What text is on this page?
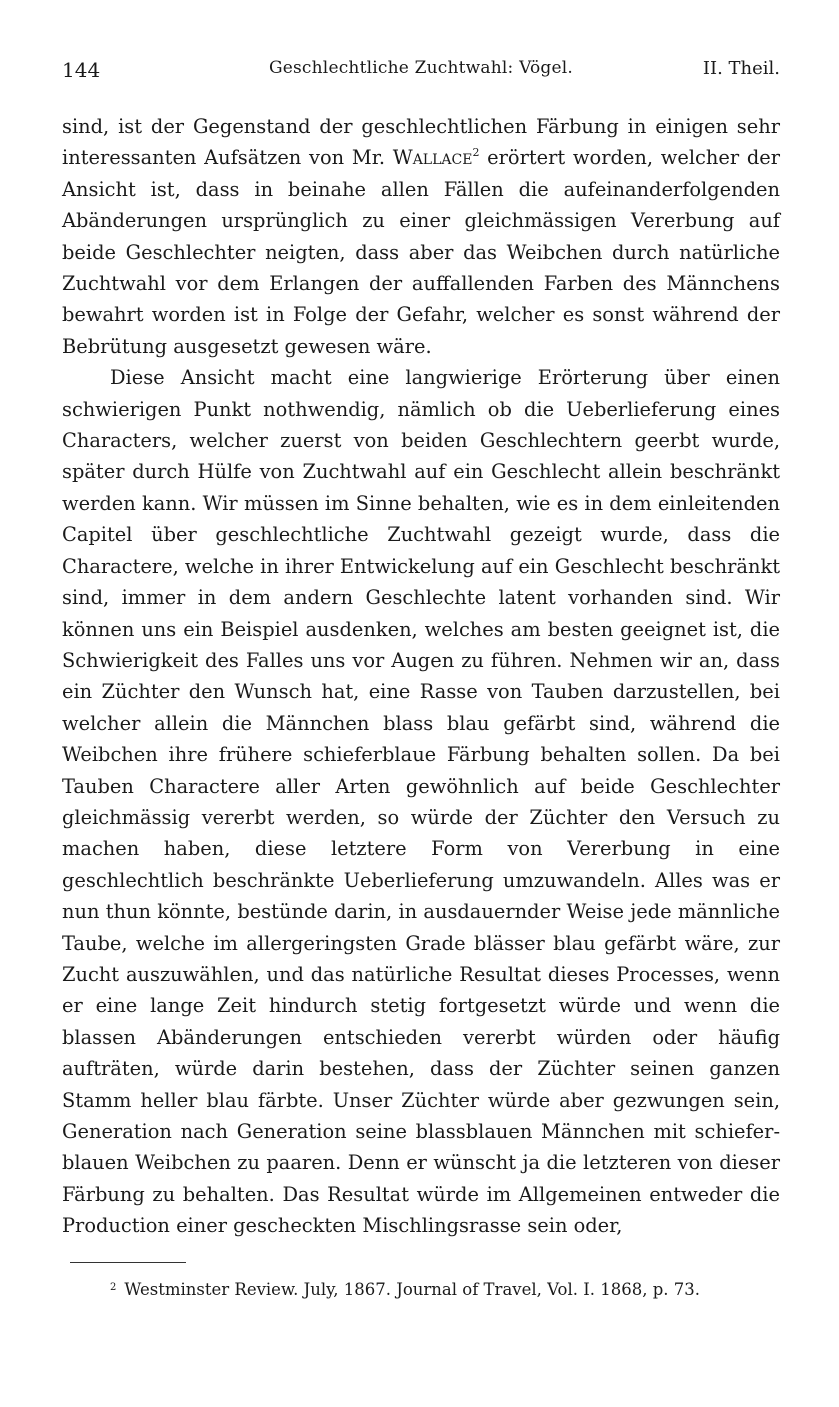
144	Geschlechtliche Zuchtwahl: Vögel.	II. Theil.

sind, ist der Gegenstand der geschlechtlichen Färbung in einigen sehr interessanten Aufsätzen von Mr. Wallace$^2$ erörtert worden, welcher der Ansicht ist, dass in beinahe allen Fällen die aufeinanderfolgenden Abänderungen ursprünglich zu einer gleichmässigen Vererbung auf beide Geschlechter neigten, dass aber das Weibchen durch natürliche Zuchtwahl vor dem Erlangen der auffallenden Farben des Männchens bewahrt worden ist in Folge der Gefahr, welcher es sonst während der Bebrütung ausgesetzt gewesen wäre.

Diese Ansicht macht eine langwierige Erörterung über einen schwierigen Punkt nothwendig, nämlich ob die Ueberlieferung eines Characters, welcher zuerst von beiden Geschlechtern geerbt wurde, später durch Hülfe von Zuchtwahl auf ein Geschlecht allein beschränkt werden kann. Wir müssen im Sinne behalten, wie es in dem einleitenden Capitel über geschlechtliche Zuchtwahl gezeigt wurde, dass die Charactere, welche in ihrer Entwickelung auf ein Geschlecht beschränkt sind, immer in dem andern Geschlechte latent vorhanden sind. Wir können uns ein Beispiel ausdenken, welches am besten geeignet ist, die Schwierigkeit des Falles uns vor Augen zu führen. Nehmen wir an, dass ein Züchter den Wunsch hat, eine Rasse von Tauben darzustellen, bei welcher allein die Männchen blass blau gefärbt sind, während die Weibchen ihre frühere schieferblaue Färbung behalten sollen. Da bei Tauben Charactere aller Arten gewöhnlich auf beide Geschlechter gleichmässig vererbt werden, so würde der Züchter den Versuch zu machen haben, diese letztere Form von Vererbung in eine geschlechtlich beschränkte Ueberlieferung umzuwandeln. Alles was er nun thun könnte, bestünde darin, in ausdauernder Weise jede männliche Taube, welche im allergeringsten Grade blässer blau gefärbt wäre, zur Zucht auszuwählen, und das natürliche Resultat dieses Processes, wenn er eine lange Zeit hindurch stetig fortgesetzt würde und wenn die blassen Abänderungen entschieden vererbt würden oder häufig aufträten, würde darin bestehen, dass der Züchter seinen ganzen Stamm heller blau färbte. Unser Züchter würde aber gezwungen sein, Generation nach Generation seine blassblauen Männchen mit schieferblauen Weibchen zu paaren. Denn er wünscht ja die letzteren von dieser Färbung zu behalten. Das Resultat würde im Allgemeinen entweder die Production einer gescheckten Mischlingsrasse sein oder,

$^2$ Westminster Review. July, 1867. Journal of Travel, Vol. I. 1868, p. 73.
